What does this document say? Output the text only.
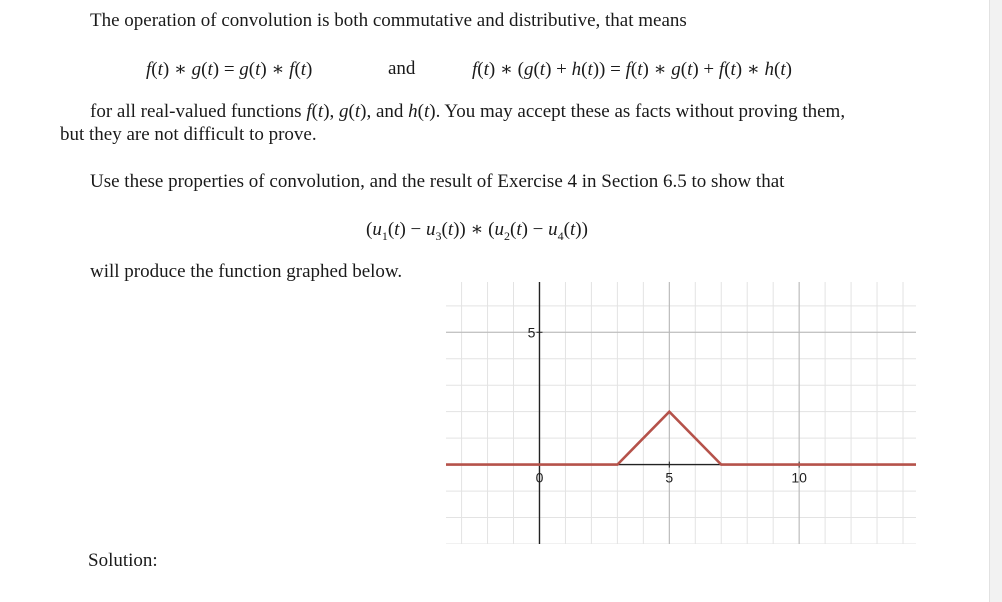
The operation of convolution is both commutative and distributive, that means
f(t) ∗ g(t) = g(t) ∗ f(t)	and	f(t) ∗ (g(t) + h(t)) = f(t) ∗ g(t) + f(t) ∗ h(t)
for all real-valued functions f(t), g(t), and h(t). You may accept these as facts without proving them,
but they are not difficult to prove.
Use these properties of convolution, and the result of Exercise 4 in Section 6.5 to show that
$(u_1(t) - u_3(t))$ ∗ $(u_2(t) - u_4(t))$
will produce the function graphed below.
0	5	10
5
Solution:
